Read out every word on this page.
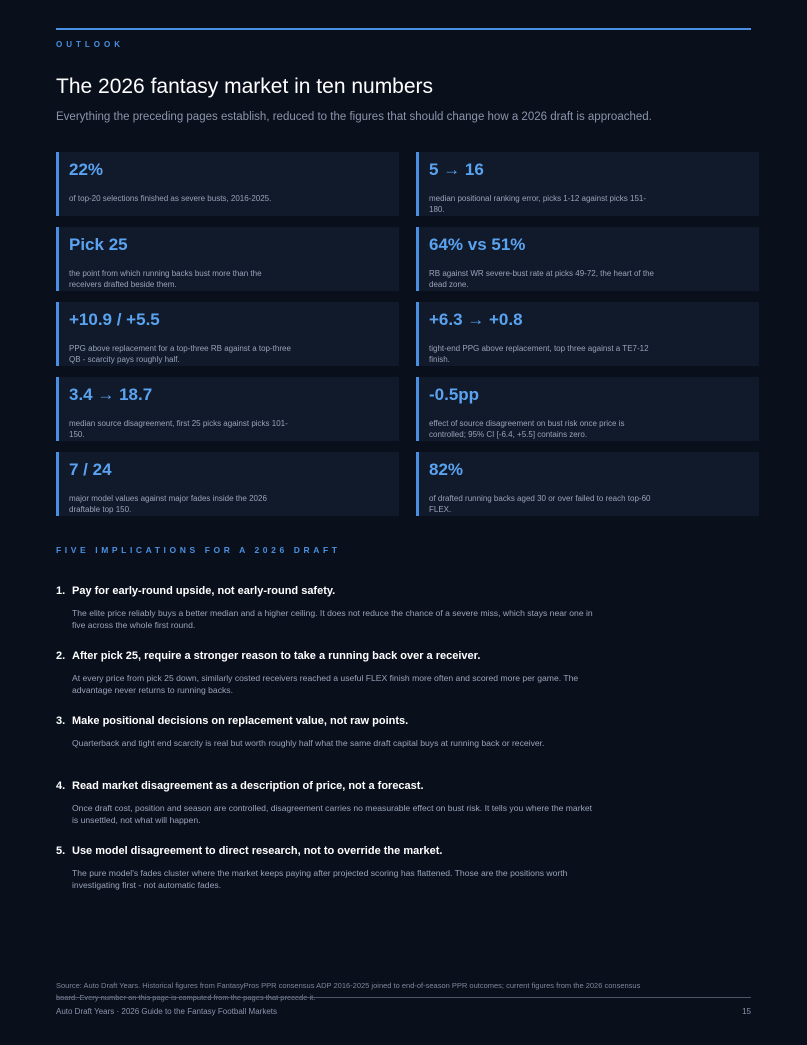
OUTLOOK
The 2026 fantasy market in ten numbers

Everything the preceding pages establish, reduced to the figures that should change how a 2026 draft is approached.

22%
of top-20 selections finished as severe busts, 2016-2025.
5 → 16
median positional ranking error, picks 1-12 against picks 151-180.
Pick 25
the point from which running backs bust more than the receivers drafted beside them.
64% vs 51%
RB against WR severe-bust rate at picks 49-72, the heart of the dead zone.
+10.9 / +5.5
PPG above replacement for a top-three RB against a top-three QB - scarcity pays roughly half.
+6.3 → +0.8
tight-end PPG above replacement, top three against a TE7-12 finish.
3.4 → 18.7
median source disagreement, first 25 picks against picks 101-150.
-0.5pp
effect of source disagreement on bust risk once price is controlled; 95% CI [-6.4, +5.5] contains zero.
7 / 24
major model values against major fades inside the 2026 draftable top 150.
82%
of drafted running backs aged 30 or over failed to reach top-60 FLEX.
FIVE IMPLICATIONS FOR A 2026 DRAFT
1. Pay for early-round upside, not early-round safety.
The elite price reliably buys a better median and a higher ceiling. It does not reduce the chance of a severe miss, which stays near one in five across the whole first round.
2. After pick 25, require a stronger reason to take a running back over a receiver.
At every price from pick 25 down, similarly costed receivers reached a useful FLEX finish more often and scored more per game. The advantage never returns to running backs.
3. Make positional decisions on replacement value, not raw points.
Quarterback and tight end scarcity is real but worth roughly half what the same draft capital buys at running back or receiver.
4. Read market disagreement as a description of price, not a forecast.
Once draft cost, position and season are controlled, disagreement carries no measurable effect on bust risk. It tells you where the market is unsettled, not what will happen.
5. Use model disagreement to direct research, not to override the market.
The pure model's fades cluster where the market keeps paying after projected scoring has flattened. Those are the positions worth investigating first - not automatic fades.
Source: Auto Draft Years. Historical figures from FantasyPros PPR consensus ADP 2016-2025 joined to end-of-season PPR outcomes; current figures from the 2026 consensus
Auto Draft Years · 2026 Guide to the Fantasy Football Markets	15
